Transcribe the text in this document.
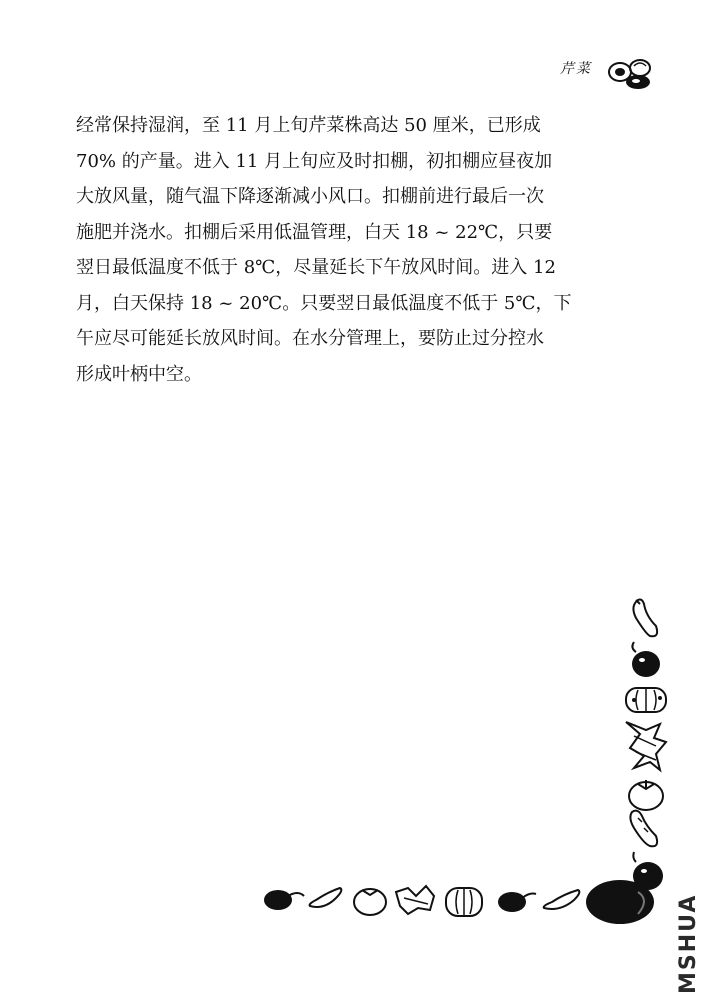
芹菜
经常保持湿润，至 11 月上旬芹菜株高达 50 厘米，已形成
70% 的产量。进入 11 月上旬应及时扣棚，初扣棚应昼夜加
大放风量，随气温下降逐渐减小风口。扣棚前进行最后一次
施肥并浇水。扣棚后采用低温管理，白天 18 ~ 22℃，只要
翌日最低温度不低于 8℃，尽量延长下午放风时间。进入 12
月，白天保持 18 ~ 20℃。只要翌日最低温度不低于 5℃，下
午应尽可能延长放风时间。在水分管理上，要防止过分控水
形成叶柄中空。
MSHUA
